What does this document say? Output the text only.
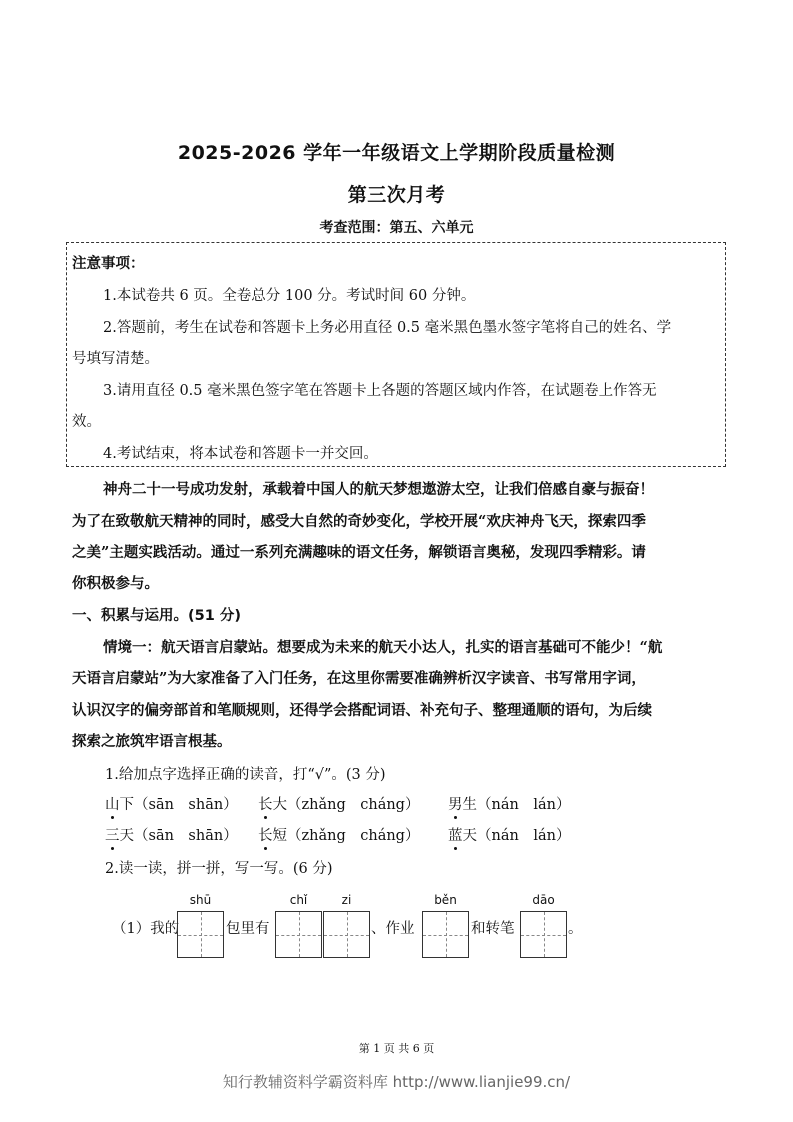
2025-2026 学年一年级语文上学期阶段质量检测
第三次月考
考查范围：第五、六单元
注意事项：
1.本试卷共 6 页。全卷总分 100 分。考试时间 60 分钟。
2.答题前，考生在试卷和答题卡上务必用直径 0.5 毫米黑色墨水签字笔将自己的姓名、学
号填写清楚。
3.请用直径 0.5 毫米黑色签字笔在答题卡上各题的答题区域内作答，在试题卷上作答无
效。
4.考试结束，将本试卷和答题卡一并交回。
神舟二十一号成功发射，承载着中国人的航天梦想遨游太空，让我们倍感自豪与振奋！
为了在致敬航天精神的同时，感受大自然的奇妙变化，学校开展“欢庆神舟飞天，探索四季
之美”主题实践活动。通过一系列充满趣味的语文任务，解锁语言奥秘，发现四季精彩。请
你积极参与。
一、积累与运用。(51 分)
情境一：航天语言启蒙站。想要成为未来的航天小达人，扎实的语言基础可不能少！“航
天语言启蒙站”为大家准备了入门任务，在这里你需要准确辨析汉字读音、书写常用字词，
认识汉字的偏旁部首和笔顺规则，还得学会搭配词语、补充句子、整理通顺的语句，为后续
探索之旅筑牢语言根基。
1.给加点字选择正确的读音，打“√”。(3 分)
山下（sān　shān） 长大（zhǎng　cháng） 男生（nán　lán）
三天（sān　shān） 长短（zhǎng　cháng） 蓝天（nán　lán）
2.读一读，拼一拼，写一写。(6 分)
shū	chǐ	zi	běn	dāo
（1）我的	包里有	、作业	和转笔	。
第 1 页 共 6 页
知行教辅资料学霸资料库 http://www.lianjie99.cn/
